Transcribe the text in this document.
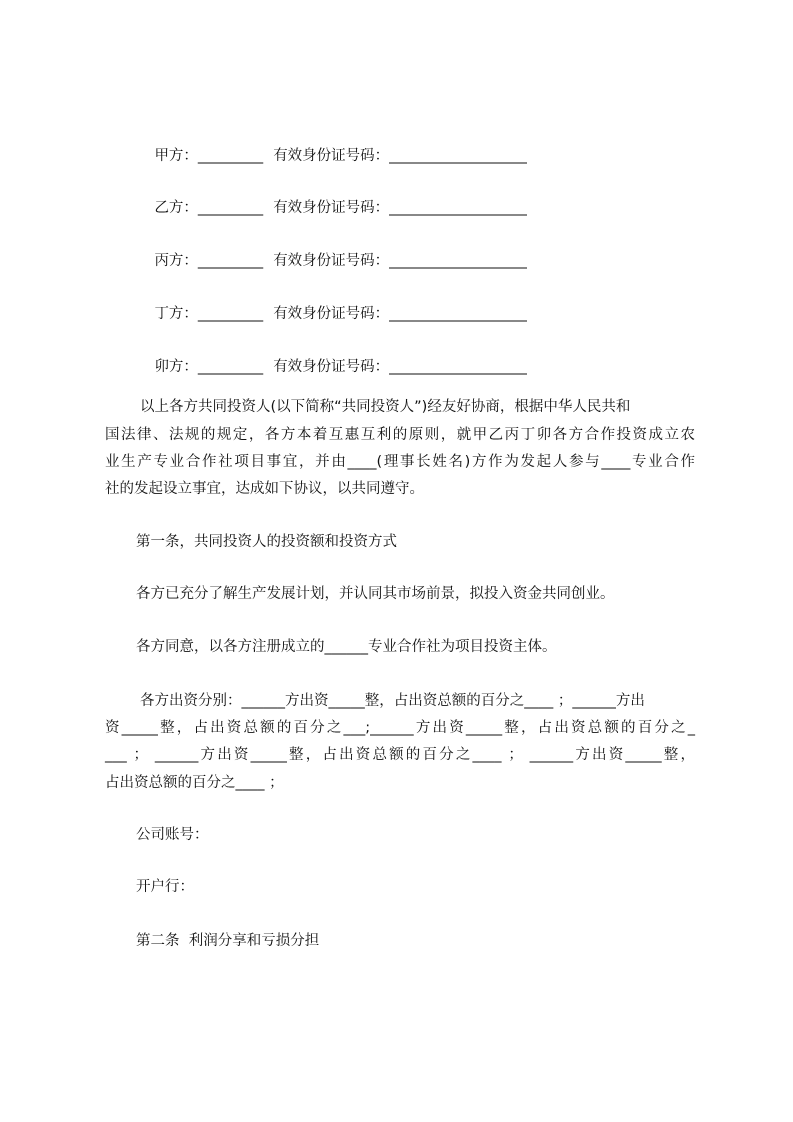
甲方：_________ 有效身份证号码：___________________

乙方：_________ 有效身份证号码：___________________

丙方：_________ 有效身份证号码：___________________

丁方：_________ 有效身份证号码：___________________

卯方：_________ 有效身份证号码：___________________

以上各方共同投资人(以下简称“共同投资人”)经友好协商，根据中华人民共和
国法律、法规的规定，各方本着互惠互利的原则，就甲乙丙丁卯各方合作投资成立农
业生产专业合作社项目事宜，并由____(理事长姓名)方作为发起人参与____专业合作
社的发起设立事宜，达成如下协议，以共同遵守。
第一条，共同投资人的投资额和投资方式
各方已充分了解生产发展计划，并认同其市场前景，拟投入资金共同创业。
各方同意，以各方注册成立的______专业合作社为项目投资主体。
各方出资分别：______方出资_____整，占出资总额的百分之____ ；______方出
资_____整，占出资总额的百分之___;______方出资_____整，占出资总额的百分之_
___ ； ______方出资_____整，占出资总额的百分之____ ； ______方出资_____整，
占出资总额的百分之____ ；
公司账号：
开户行：
第二条  利润分享和亏损分担
